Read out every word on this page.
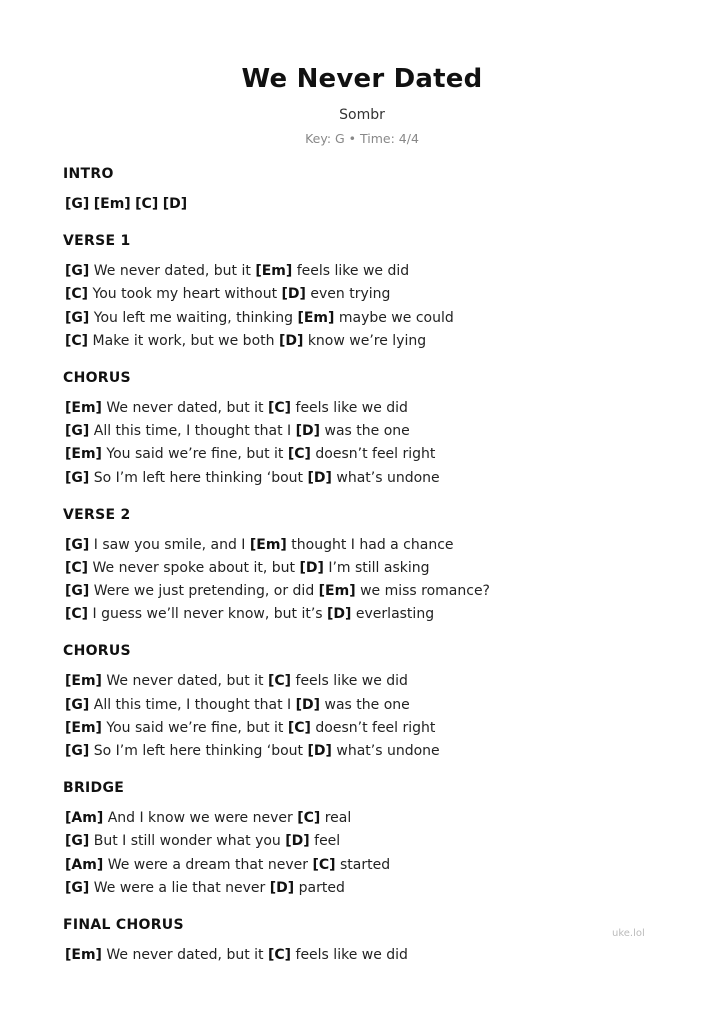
We Never Dated
Sombr
Key: G • Time: 4/4
INTRO
[G] [Em] [C] [D]
VERSE 1
[G] We never dated, but it [Em] feels like we did
[C] You took my heart without [D] even trying
[G] You left me waiting, thinking [Em] maybe we could
[C] Make it work, but we both [D] know we’re lying
CHORUS
[Em] We never dated, but it [C] feels like we did
[G] All this time, I thought that I [D] was the one
[Em] You said we’re fine, but it [C] doesn’t feel right
[G] So I’m left here thinking ‘bout [D] what’s undone
VERSE 2
[G] I saw you smile, and I [Em] thought I had a chance
[C] We never spoke about it, but [D] I’m still asking
[G] Were we just pretending, or did [Em] we miss romance?
[C] I guess we’ll never know, but it’s [D] everlasting
CHORUS
[Em] We never dated, but it [C] feels like we did
[G] All this time, I thought that I [D] was the one
[Em] You said we’re fine, but it [C] doesn’t feel right
[G] So I’m left here thinking ‘bout [D] what’s undone
BRIDGE
[Am] And I know we were never [C] real
[G] But I still wonder what you [D] feel
[Am] We were a dream that never [C] started
[G] We were a lie that never [D] parted
FINAL CHORUS
[Em] We never dated, but it [C] feels like we did
uke.lol
